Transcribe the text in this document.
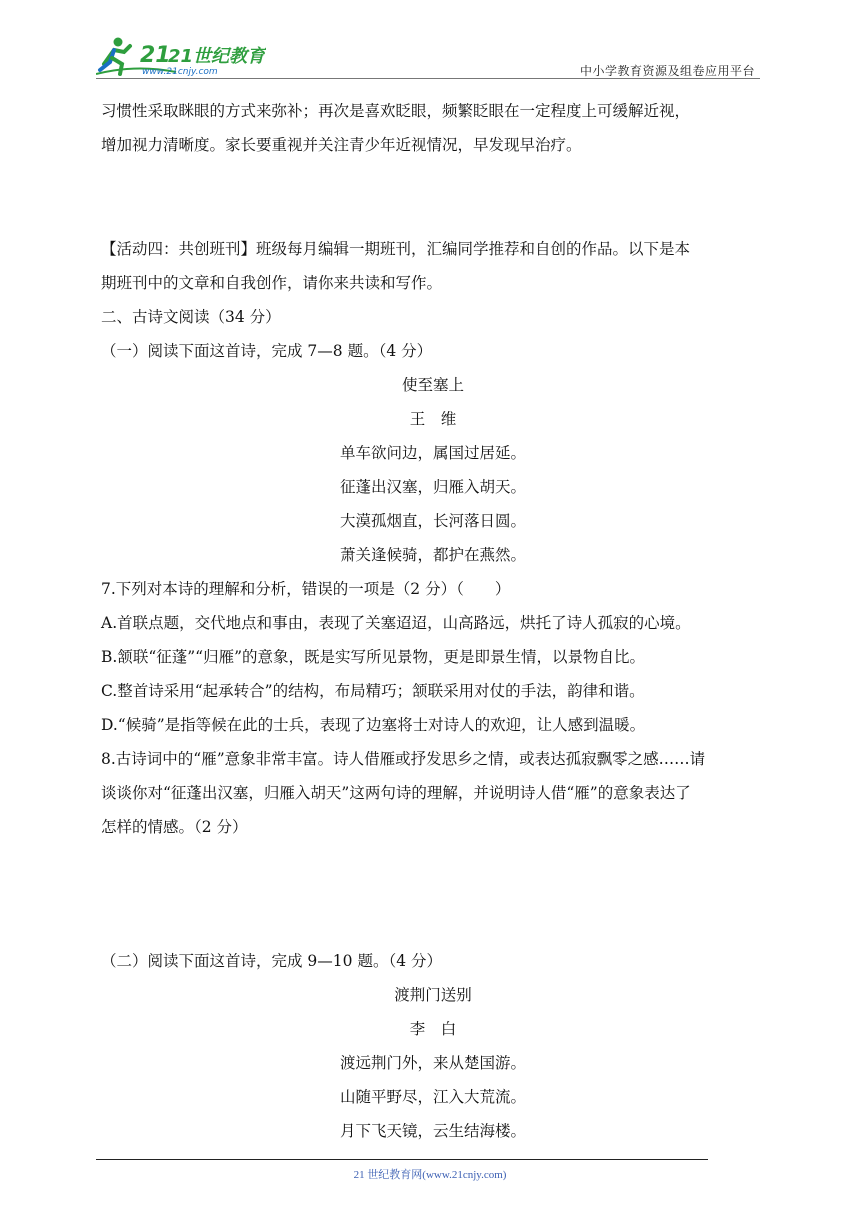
21
21世纪教育
www.21cnjy.com	中小学教育资源及组卷应用平台

习惯性采取眯眼的方式来弥补；再次是喜欢眨眼，频繁眨眼在一定程度上可缓解近视，

增加视力清晰度。家长要重视并关注青少年近视情况，早发现早治疗。

【活动四：共创班刊】班级每月编辑一期班刊，汇编同学推荐和自创的作品。以下是本

期班刊中的文章和自我创作，请你来共读和写作。

二、古诗文阅读（34 分）

（一）阅读下面这首诗，完成 7—8 题。（4 分）

使至塞上

王　维

单车欲问边，属国过居延。

征蓬出汉塞，归雁入胡天。

大漠孤烟直，长河落日圆。

萧关逢候骑，都护在燕然。

7.下列对本诗的理解和分析，错误的一项是（2 分）（　　）

A.首联点题，交代地点和事由，表现了关塞迢迢，山高路远，烘托了诗人孤寂的心境。

B.颔联“征蓬”“归雁”的意象，既是实写所见景物，更是即景生情，以景物自比。

C.整首诗采用“起承转合”的结构，布局精巧；颔联采用对仗的手法，韵律和谐。

D.“候骑”是指等候在此的士兵，表现了边塞将士对诗人的欢迎，让人感到温暖。

8.古诗词中的“雁”意象非常丰富。诗人借雁或抒发思乡之情，或表达孤寂飘零之感……请

谈谈你对“征蓬出汉塞，归雁入胡天”这两句诗的理解，并说明诗人借“雁”的意象表达了

怎样的情感。（2 分）

（二）阅读下面这首诗，完成 9—10 题。（4 分）

渡荆门送别

李　白

渡远荆门外，来从楚国游。

山随平野尽，江入大荒流。

月下飞天镜，云生结海楼。

21 世纪教育网(www.21cnjy.com)
